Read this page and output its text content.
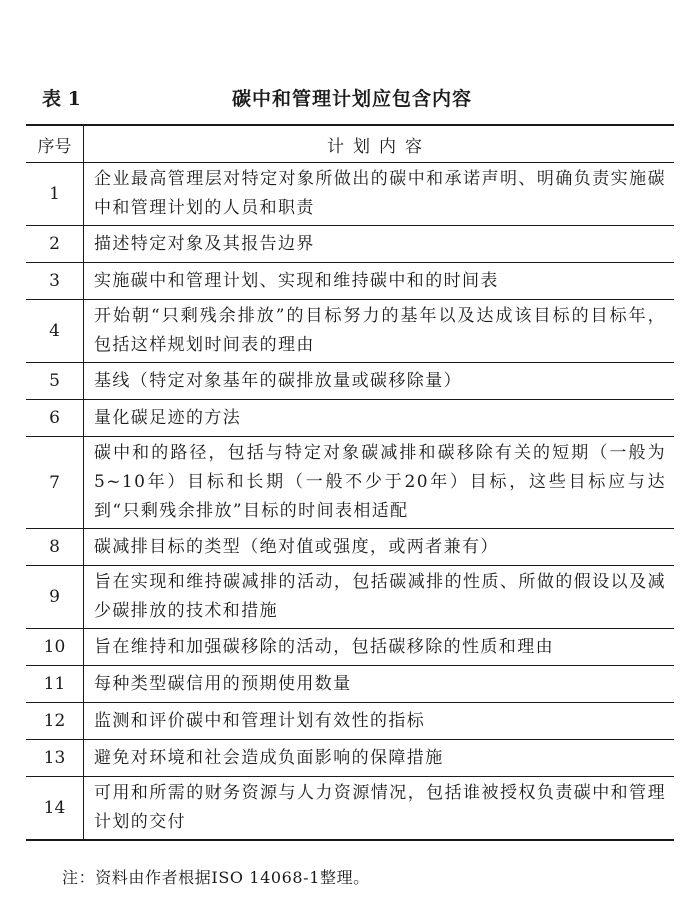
表 1	碳中和管理计划应包含内容
序号	计划内容
1	企业最高管理层对特定对象所做出的碳中和承诺声明、明确负责实施碳中和管理计划的人员和职责
2	描述特定对象及其报告边界
3	实施碳中和管理计划、实现和维持碳中和的时间表
4	开始朝“只剩残余排放”的目标努力的基年以及达成该目标的目标年，包括这样规划时间表的理由
5	基线（特定对象基年的碳排放量或碳移除量）
6	量化碳足迹的方法
7	碳中和的路径，包括与特定对象碳减排和碳移除有关的短期（一般为5~10年）目标和长期（一般不少于20年）目标，这些目标应与达到“只剩残余排放”目标的时间表相适配
8	碳减排目标的类型（绝对值或强度，或两者兼有）
9	旨在实现和维持碳减排的活动，包括碳减排的性质、所做的假设以及减少碳排放的技术和措施
10	旨在维持和加强碳移除的活动，包括碳移除的性质和理由
11	每种类型碳信用的预期使用数量
12	监测和评价碳中和管理计划有效性的指标
13	避免对环境和社会造成负面影响的保障措施
14	可用和所需的财务资源与人力资源情况，包括谁被授权负责碳中和管理计划的交付
注：资料由作者根据ISO 14068-1整理。
